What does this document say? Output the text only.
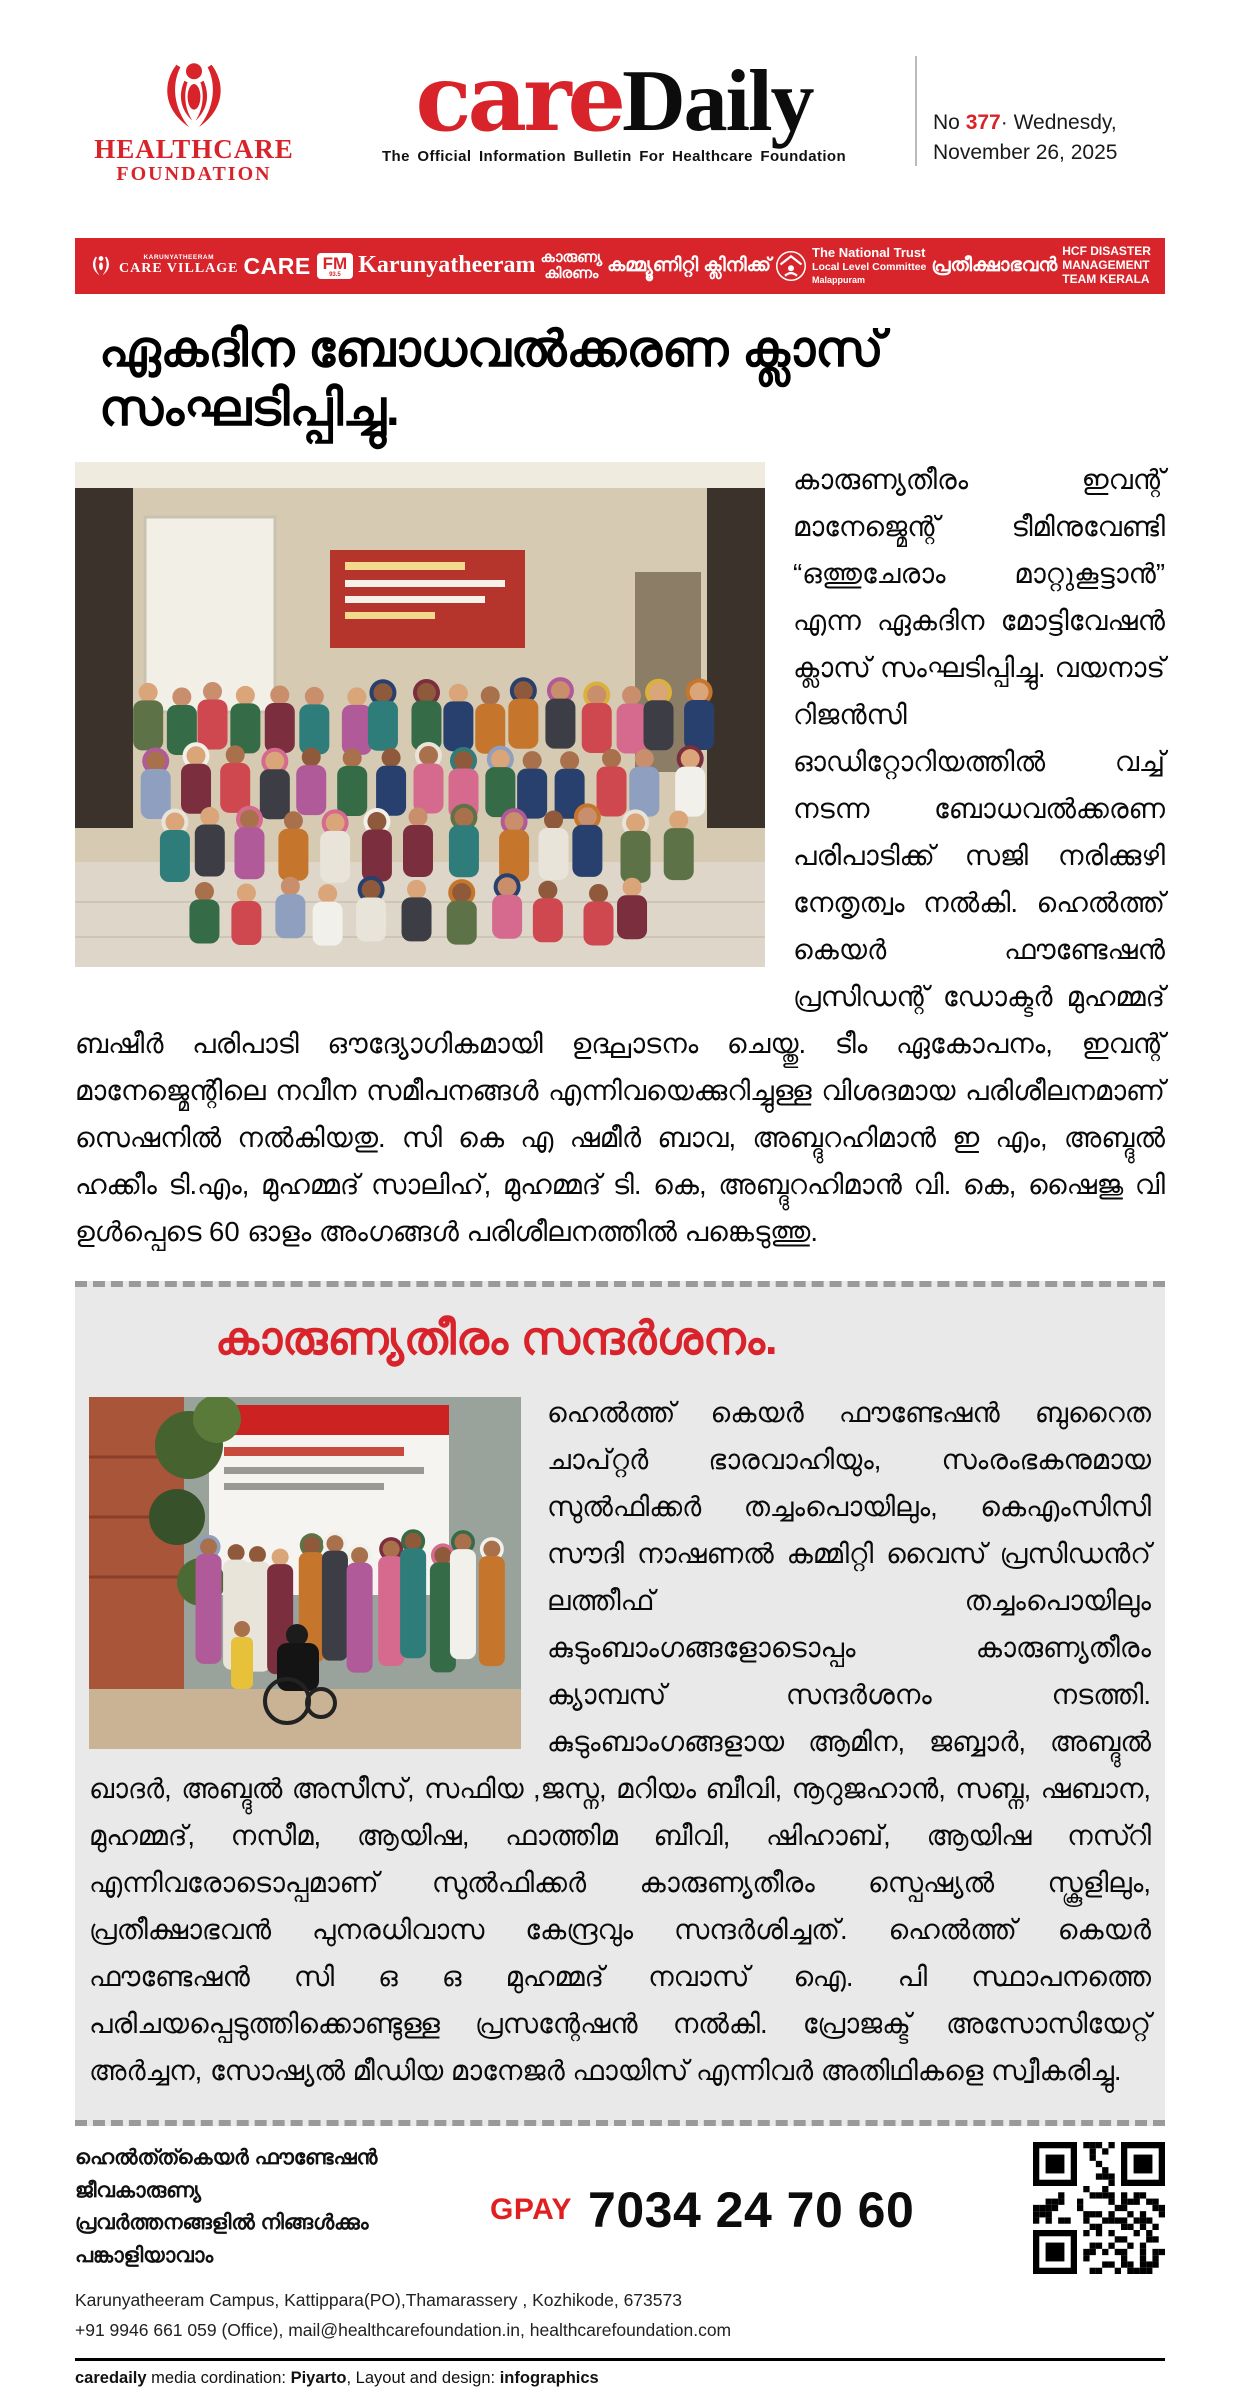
HEALTHCARE
FOUNDATION
careDaily
The Official Information Bulletin For Healthcare Foundation
No 377· Wednesdy,
November 26, 2025
KARUNYATHEERAM
CARE VILLAGE CARE FM
93.5 Karunyatheeram കാരുണ്യ
കിരണം കമ്മ്യൂണിറ്റി ക്ലിനിക്ക്
The National Trust
Local Level Committee
Malappuram
പ്രതീക്ഷാഭവൻ
HCF DISASTER
MANAGEMENT
TEAM KERALA
ഏകദിന ബോധവൽക്കരണ ക്ലാസ്
സംഘടിപ്പിച്ചു.

കാരുണ്യതീരം ഇവന്റ് മാനേജ്മെന്റ് ടീമിനുവേണ്ടി “ഒത്തുചേരാം മാറ്റുകൂട്ടാൻ” എന്ന ഏകദിന മോട്ടിവേഷൻ ക്ലാസ് സംഘടിപ്പിച്ചു. വയനാട് റിജൻസി ഓഡിറ്റോറിയത്തിൽ വച്ച് നടന്ന ബോധവൽക്കരണ പരിപാടിക്ക് സജി നരിക്കുഴി നേതൃത്വം നൽകി. ഹെൽത്ത് കെയർ ഫൗണ്ടേഷൻ പ്രസിഡന്റ് ഡോക്ടർ മുഹമ്മദ് ബഷീർ പരിപാടി ഔദ്യോഗികമായി ഉദ്ഘാടനം ചെയ്തു. ടീം ഏകോപനം, ഇവന്റ് മാനേജ്മെന്റിലെ നവീന സമീപനങ്ങൾ എന്നിവയെക്കുറിച്ചുള്ള വിശദമായ പരിശീലനമാണ് സെഷനിൽ നൽകിയതു. സി കെ എ ഷമീർ ബാവ, അബ്ദുറഹിമാൻ ഇ എം, അബ്ദുൽ ഹക്കീം ടി.എം, മുഹമ്മദ് സാലിഹ്, മുഹമ്മദ് ടി. കെ, അബ്ദുറഹിമാൻ വി. കെ, ഷൈജു വി ഉൾപ്പെടെ 60 ഓളം അംഗങ്ങൾ പരിശീലനത്തിൽ പങ്കെടുത്തു.

കാരുണ്യതീരം സന്ദർശനം.

ഹെൽത്ത് കെയർ ഫൗണ്ടേഷൻ ബുറൈത ചാപ്റ്റർ ഭാരവാഹിയും, സംരംഭകനുമായ സുൽഫിക്കർ തച്ചംപൊയിലും, കെഎംസിസി സൗദി നാഷണൽ കമ്മിറ്റി വൈസ് പ്രസിഡൻറ് ലത്തീഫ് തച്ചംപൊയിലും കുടുംബാംഗങ്ങളോടൊപ്പം കാരുണ്യതീരം ക്യാമ്പസ് സന്ദർശനം നടത്തി. കുടുംബാംഗങ്ങളായ ആമിന, ജബ്ബാർ, അബ്ദുൽ ഖാദർ, അബ്ദുൽ അസീസ്, സഫിയ ,ജസ്ന, മറിയം ബീവി, നൂറുജഹാൻ, സബ്ന, ഷബാന, മുഹമ്മദ്, നസീമ, ആയിഷ, ഫാത്തിമ ബീവി, ഷിഹാബ്, ആയിഷ നസ്റി എന്നിവരോടൊപ്പമാണ് സുൽഫിക്കർ കാരുണ്യതീരം സ്പെഷ്യൽ സ്കൂളിലും, പ്രതീക്ഷാഭവൻ പുനരധിവാസ കേന്ദ്രവും സന്ദർശിച്ചത്. ഹെൽത്ത് കെയർ ഫൗണ്ടേഷൻ സി ഒ ഒ മുഹമ്മദ് നവാസ് ഐ. പി സ്ഥാപനത്തെ പരിചയപ്പെടുത്തിക്കൊണ്ടുള്ള പ്രസന്റേഷൻ നൽകി. പ്രോജക്ട് അസോസിയേറ്റ് അർച്ചന, സോഷ്യൽ മീഡിയ മാനേജർ ഫായിസ് എന്നിവർ അതിഥികളെ സ്വീകരിച്ചു.

ഹെൽത്ത്കെയർ ഫൗണ്ടേഷൻ ജീവകാരുണ്യ
പ്രവർത്തനങ്ങളിൽ നിങ്ങൾക്കും പങ്കാളിയാവാം
GPAY 7034 24 70 60
Karunyatheeram Campus, Kattippara(PO),Thamarassery , Kozhikode, 673573
+91 9946 661 059 (Office), mail@healthcarefoundation.in, healthcarefoundation.com
caredaily media cordination: Piyarto, Layout and design: infographics
